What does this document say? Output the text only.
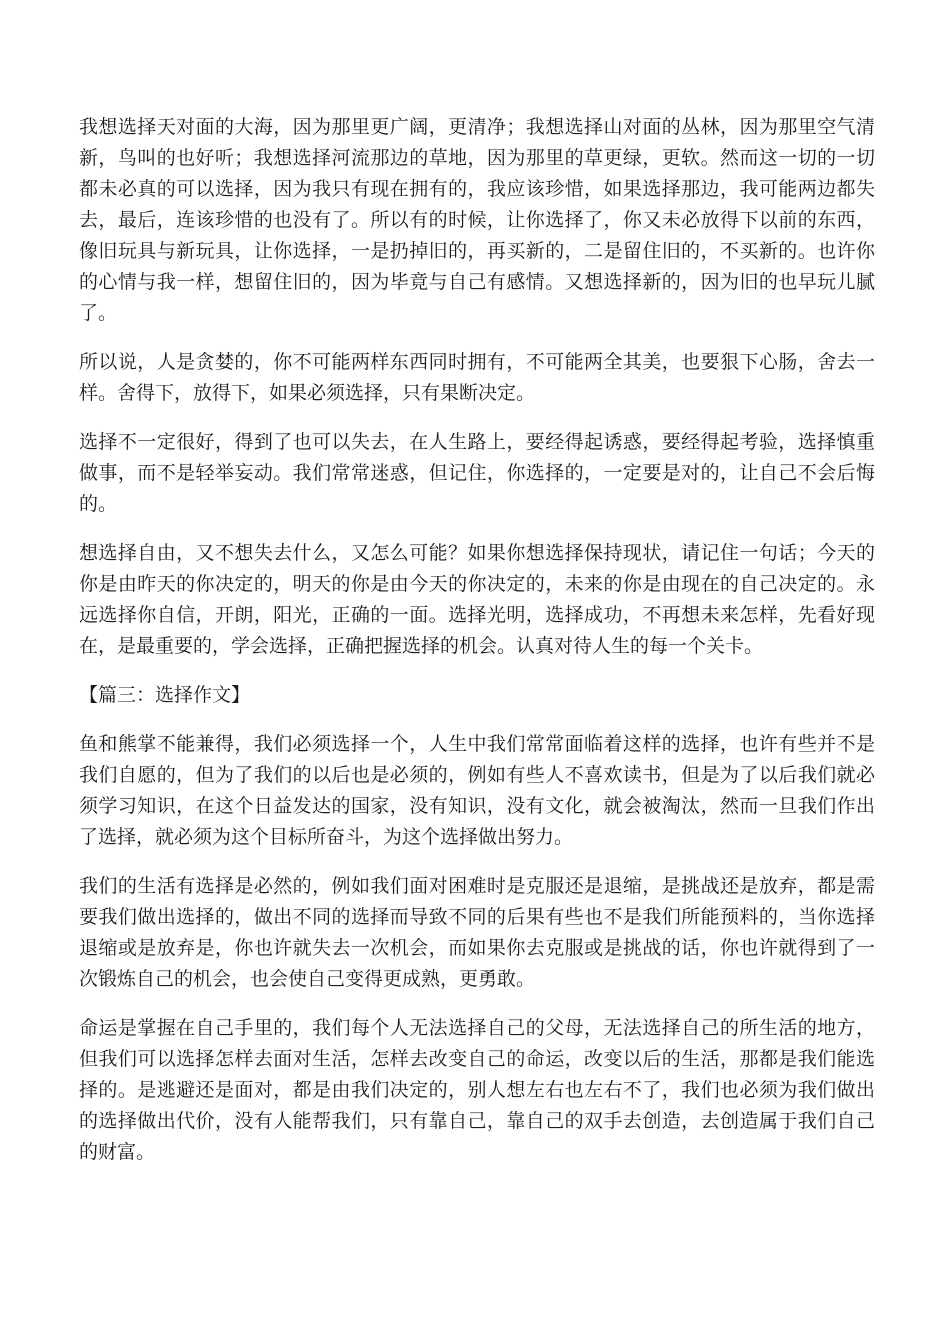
我想选择天对面的大海，因为那里更广阔，更清净；我想选择山对面的丛林，因为那里空气清新，鸟叫的也好听；我想选择河流那边的草地，因为那里的草更绿，更软。然而这一切的一切都未必真的可以选择，因为我只有现在拥有的，我应该珍惜，如果选择那边，我可能两边都失去，最后，连该珍惜的也没有了。所以有的时候，让你选择了，你又未必放得下以前的东西，像旧玩具与新玩具，让你选择，一是扔掉旧的，再买新的，二是留住旧的，不买新的。也许你的心情与我一样，想留住旧的，因为毕竟与自己有感情。又想选择新的，因为旧的也早玩儿腻了。

所以说，人是贪婪的，你不可能两样东西同时拥有，不可能两全其美，也要狠下心肠，舍去一样。舍得下，放得下，如果必须选择，只有果断决定。

选择不一定很好，得到了也可以失去，在人生路上，要经得起诱惑，要经得起考验，选择慎重做事，而不是轻举妄动。我们常常迷惑，但记住，你选择的，一定要是对的，让自己不会后悔的。

想选择自由，又不想失去什么，又怎么可能？如果你想选择保持现状，请记住一句话；今天的你是由昨天的你决定的，明天的你是由今天的你决定的，未来的你是由现在的自己决定的。永远选择你自信，开朗，阳光，正确的一面。选择光明，选择成功，不再想未来怎样，先看好现在，是最重要的，学会选择，正确把握选择的机会。认真对待人生的每一个关卡。

【篇三：选择作文】

鱼和熊掌不能兼得，我们必须选择一个，人生中我们常常面临着这样的选择，也许有些并不是我们自愿的，但为了我们的以后也是必须的，例如有些人不喜欢读书，但是为了以后我们就必须学习知识，在这个日益发达的国家，没有知识，没有文化，就会被淘汰，然而一旦我们作出了选择，就必须为这个目标所奋斗，为这个选择做出努力。

我们的生活有选择是必然的，例如我们面对困难时是克服还是退缩，是挑战还是放弃，都是需要我们做出选择的，做出不同的选择而导致不同的后果有些也不是我们所能预料的，当你选择退缩或是放弃是，你也许就失去一次机会，而如果你去克服或是挑战的话，你也许就得到了一次锻炼自己的机会，也会使自己变得更成熟，更勇敢。

命运是掌握在自己手里的，我们每个人无法选择自己的父母，无法选择自己的所生活的地方，但我们可以选择怎样去面对生活，怎样去改变自己的命运，改变以后的生活，那都是我们能选择的。是逃避还是面对，都是由我们决定的，别人想左右也左右不了，我们也必须为我们做出的选择做出代价，没有人能帮我们，只有靠自己，靠自己的双手去创造，去创造属于我们自己的财富。
